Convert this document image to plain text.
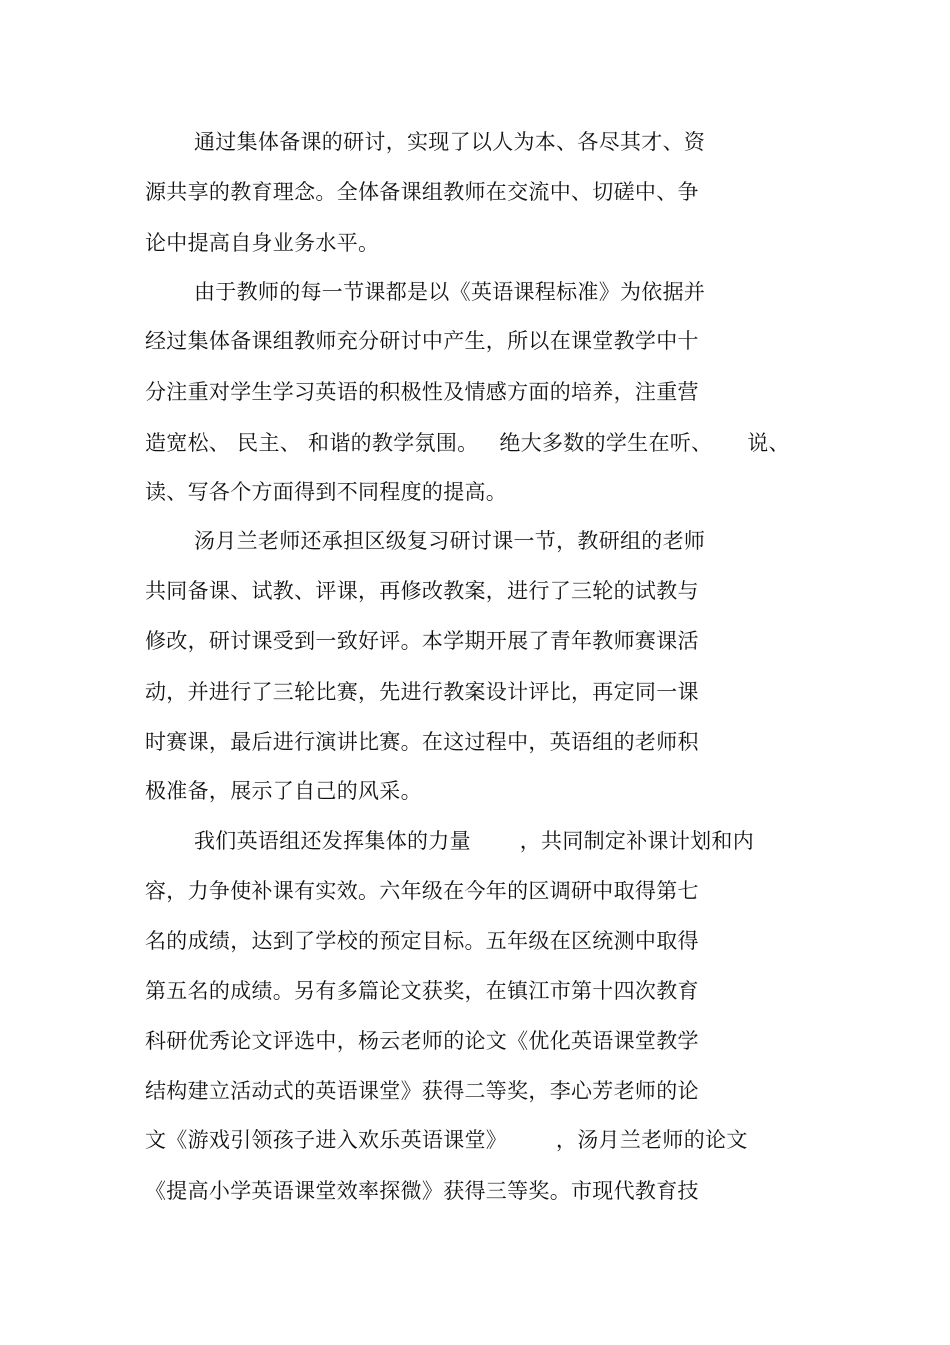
通过集体备课的研讨，实现了以人为本、各尽其才、资
源共享的教育理念。全体备课组教师在交流中、切磋中、争
论中提高自身业务水平。
由于教师的每一节课都是以《英语课程标准》为依据并
经过集体备课组教师充分研讨中产生，所以在课堂教学中十
分注重对学生学习英语的积极性及情感方面的培养，注重营
造宽松、 民主、 和谐的教学氛围。   绝大多数的学生在听、     说、
读、写各个方面得到不同程度的提高。
汤月兰老师还承担区级复习研讨课一节，教研组的老师
共同备课、试教、评课，再修改教案，进行了三轮的试教与
修改，研讨课受到一致好评。本学期开展了青年教师赛课活
动，并进行了三轮比赛，先进行教案设计评比，再定同一课
时赛课，最后进行演讲比赛。在这过程中，英语组的老师积
极准备，展示了自己的风采。
我们英语组还发挥集体的力量       ，共同制定补课计划和内
容，力争使补课有实效。六年级在今年的区调研中取得第七
名的成绩，达到了学校的预定目标。五年级在区统测中取得
第五名的成绩。另有多篇论文获奖，在镇江市第十四次教育
科研优秀论文评选中，杨云老师的论文《优化英语课堂教学
结构建立活动式的英语课堂》获得二等奖，李心芳老师的论
文《游戏引领孩子进入欢乐英语课堂》       ，汤月兰老师的论文
《提高小学英语课堂效率探微》获得三等奖。市现代教育技
